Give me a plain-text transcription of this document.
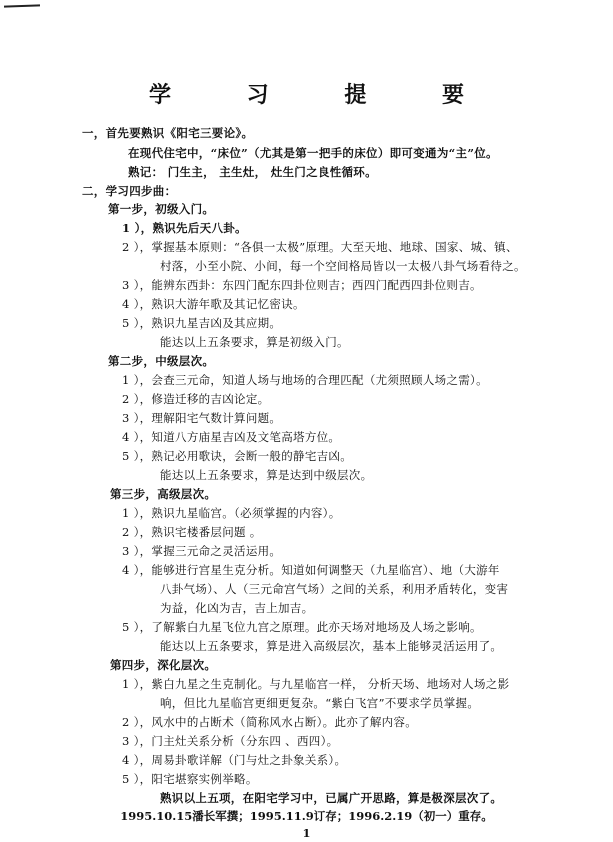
学 习 提 要
一，首先要熟识《阳宅三要论》。
在现代住宅中，“床位”（尤其是第一把手的床位）即可变通为“主”位。
熟记： 门生主， 主生灶， 灶生门之良性循环。
二，学习四步曲：
第一步，初级入门。
1 ），熟识先后天八卦。
2 ），掌握基本原则：“各俱一太极”原理。大至天地、地球、国家、城、镇、
村落，小至小院、小间，每一个空间格局皆以一太极八卦气场看待之。
3 ），能辨东西卦：东四门配东四卦位则吉；西四门配西四卦位则吉。
4 ），熟识大游年歌及其记忆密诀。
5 ），熟识九星吉凶及其应期。
能达以上五条要求，算是初级入门。
第二步，中级层次。
1 ），会查三元命，知道人场与地场的合理匹配（尤须照顾人场之需）。
2 ），修造迁移的吉凶论定。
3 ），理解阳宅气数计算问题。
4 ），知道八方庙星吉凶及文笔高塔方位。
5 ），熟记必用歌诀，会断一般的静宅吉凶。
能达以上五条要求，算是达到中级层次。
第三步，高级层次。
1 ），熟识九星临宫。（必须掌握的内容）。
2 ），熟识宅楼番层问题 。
3 ），掌握三元命之灵活运用。
4 ），能够进行宫星生克分析。知道如何调整天（九星临宫）、地（大游年
八卦气场）、人（三元命宫气场）之间的关系，利用矛盾转化，变害
为益，化凶为吉，吉上加吉。
5 ），了解紫白九星飞位九宫之原理。此亦天场对地场及人场之影响。
能达以上五条要求，算是进入高级层次，基本上能够灵活运用了。
第四步，深化层次。
1 ），紫白九星之生克制化。与九星临宫一样， 分析天场、地场对人场之影
响，但比九星临宫更细更复杂。“紫白飞宫”不要求学员掌握。
2 ），风水中的占断术（简称风水占断）。此亦了解内容。
3 ），门主灶关系分析（分东四 、西四）。
4 ），周易卦歌详解（门与灶之卦象关系）。
5 ），阳宅堪察实例举略。
熟识以上五项，在阳宅学习中，已属广开思路，算是极深层次了。
1995.10.15潘长军撰；1995.11.9订存；1996.2.19（初一）重存。
1
